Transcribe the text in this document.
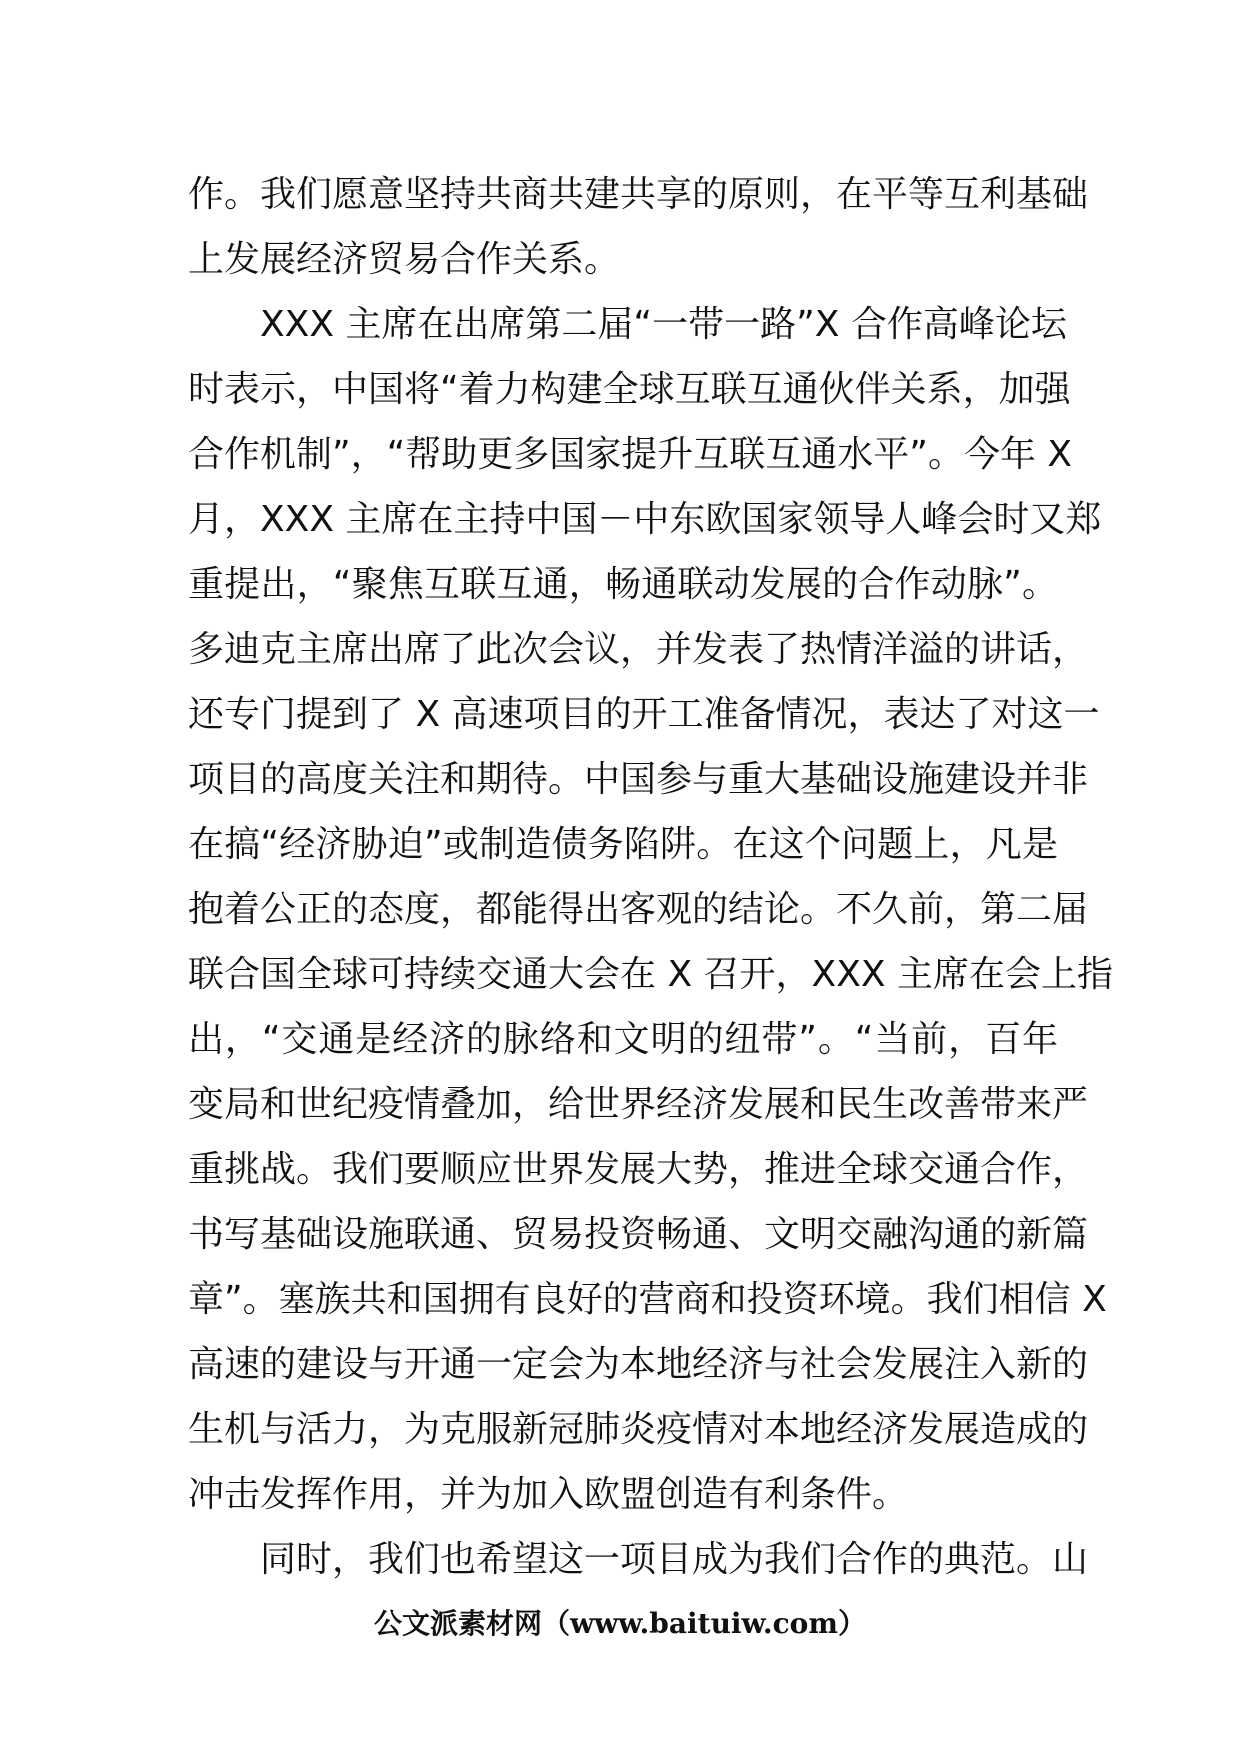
作。我们愿意坚持共商共建共享的原则，在平等互利基础
上发展经济贸易合作关系。
XXX 主席在出席第二届“一带一路”X 合作高峰论坛
时表示，中国将“着力构建全球互联互通伙伴关系，加强
合作机制”，“帮助更多国家提升互联互通水平”。今年 X
月，XXX 主席在主持中国－中东欧国家领导人峰会时又郑
重提出，“聚焦互联互通，畅通联动发展的合作动脉”。
多迪克主席出席了此次会议，并发表了热情洋溢的讲话，
还专门提到了 X 高速项目的开工准备情况，表达了对这一
项目的高度关注和期待。中国参与重大基础设施建设并非
在搞“经济胁迫”或制造债务陷阱。在这个问题上，凡是
抱着公正的态度，都能得出客观的结论。不久前，第二届
联合国全球可持续交通大会在 X 召开，XXX 主席在会上指
出，“交通是经济的脉络和文明的纽带”。“当前，百年
变局和世纪疫情叠加，给世界经济发展和民生改善带来严
重挑战。我们要顺应世界发展大势，推进全球交通合作，
书写基础设施联通、贸易投资畅通、文明交融沟通的新篇
章”。塞族共和国拥有良好的营商和投资环境。我们相信 X
高速的建设与开通一定会为本地经济与社会发展注入新的
生机与活力，为克服新冠肺炎疫情对本地经济发展造成的
冲击发挥作用，并为加入欧盟创造有利条件。
同时，我们也希望这一项目成为我们合作的典范。山
公文派素材网（www.baituiw.com）
